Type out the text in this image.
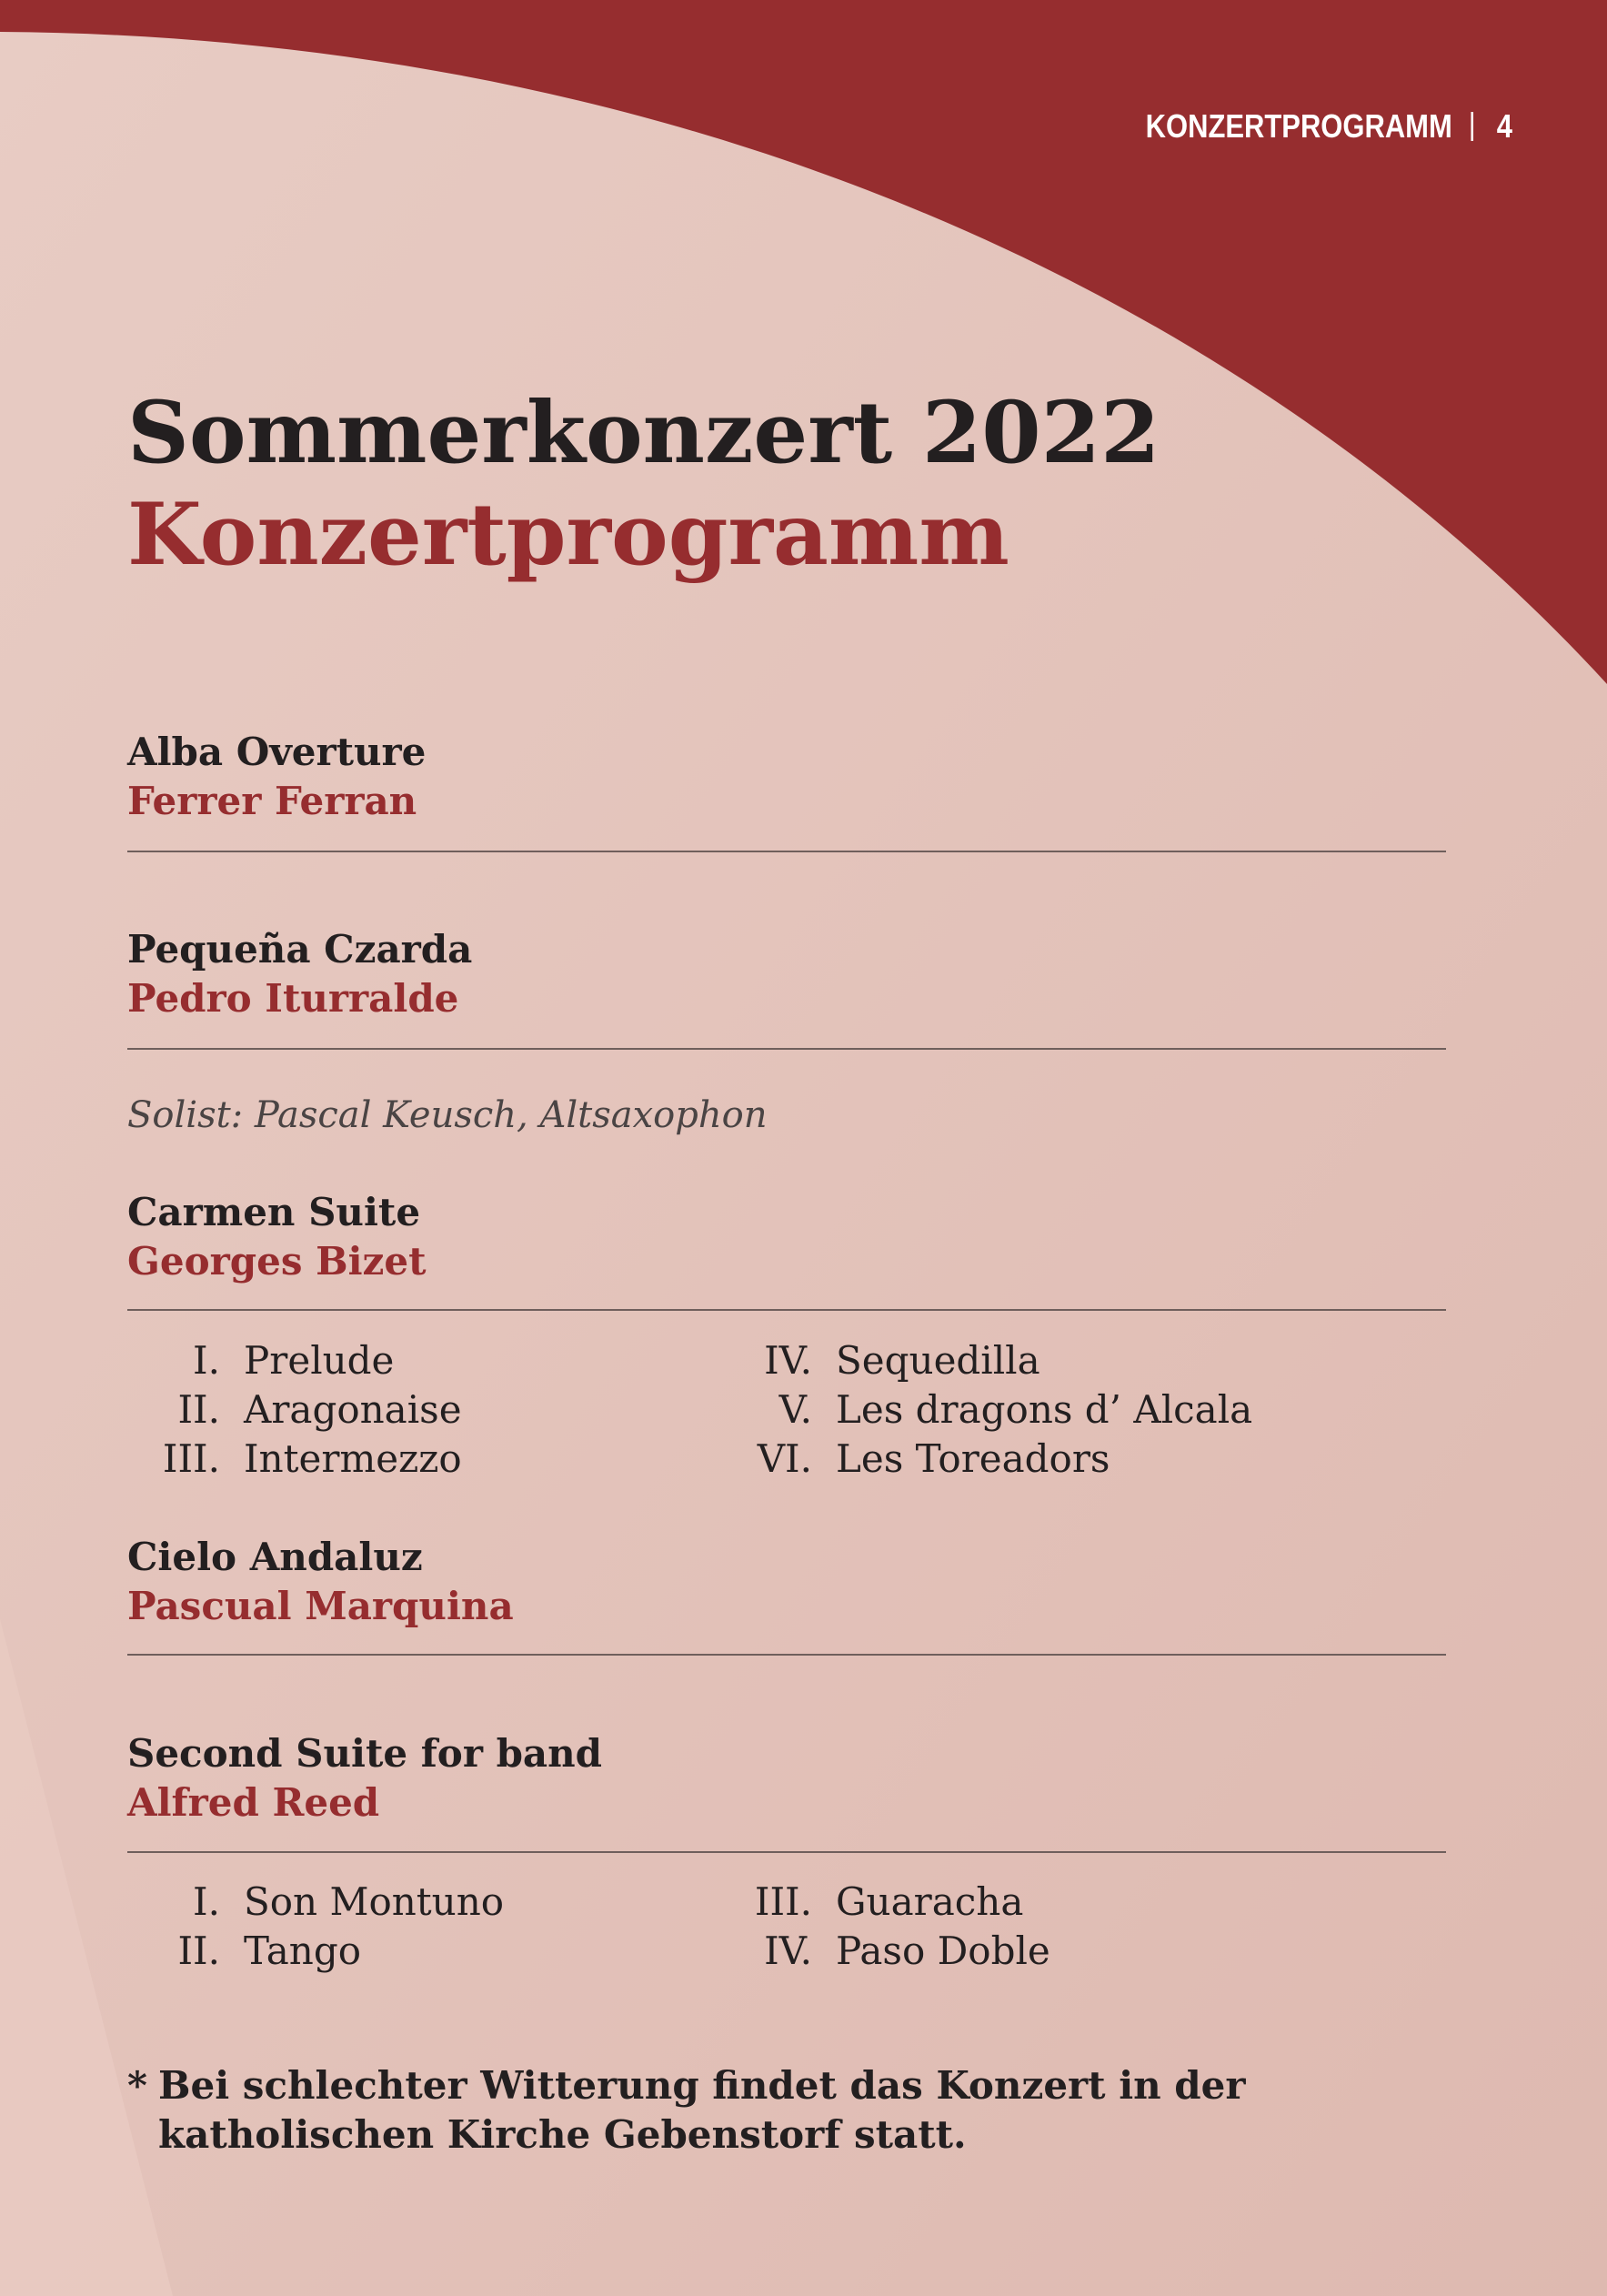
KONZERTPROGRAMM 4
Sommerkonzert 2022
Konzertprogramm
Alba Overture
Ferrer Ferran
Pequeña Czarda
Pedro Iturralde
Solist: Pascal Keusch, Altsaxophon
Carmen Suite
Georges Bizet
I. Prelude
II. Aragonaise
III. Intermezzo
IV. Sequedilla
V. Les dragons d’ Alcala
VI. Les Toreadors
Cielo Andaluz
Pascual Marquina
Second Suite for band
Alfred Reed
I. Son Montuno
II. Tango
III. Guaracha
IV. Paso Doble
* Bei schlechter Witterung findet das Konzert in der
katholischen Kirche Gebenstorf statt.
